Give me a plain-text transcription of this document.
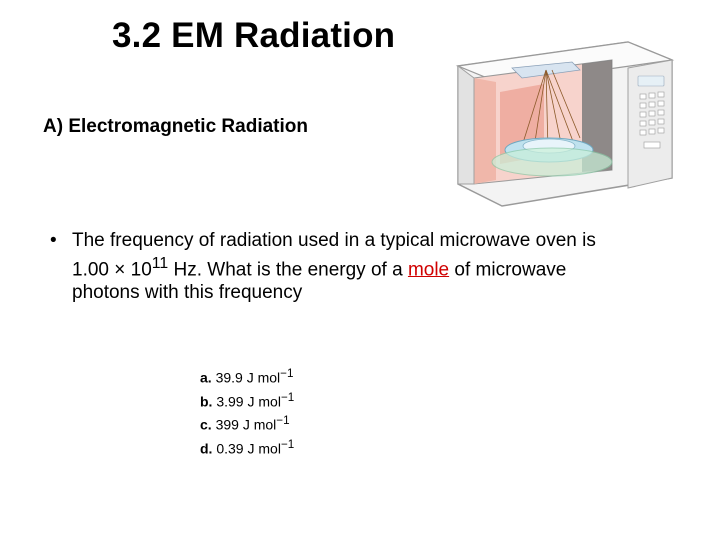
3.2 EM Radiation
A) Electromagnetic Radiation
• The frequency of radiation used in a typical microwave oven is $1.00 \times 10^{11}$ Hz. What is the energy of a mole of microwave photons with this frequency
a. 39.9 J mol$^{-1}$
b. 3.99 J mol$^{-1}$
c. 399 J mol$^{-1}$
d. 0.39 J mol$^{-1}$
